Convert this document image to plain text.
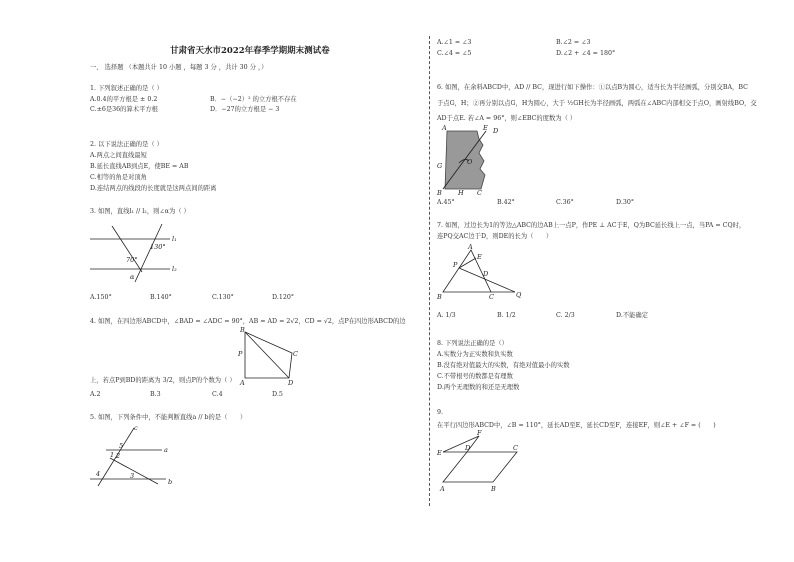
甘肃省天水市2022年春季学期期末测试卷
一、 选择题 （本题共计 10 小题 ，每题 3 分 ，共计 30 分 ，）
1. 下列叙述正确的是（ ）
A.0.4的平方根是 ± 0.2	B．−（−2）² 的立方根不存在
C.±6是36的算术平方根	D．−27的立方根是 − 3
2. 以下说法正确的是（ ）
A.两点之间直线最短
B.延长直线AB到点E，使BE = AB
C.相等的角是对顶角
D.连结两点的线段的长度就是这两点间的距离
3. 如图，直线l₁ // l₂，则∠α为（ ）
l₁
l₂
130°
70°
α
A.150°	B.140°	C.130°	D.120°
4. 如图，在四边形ABCD中，∠BAD = ∠ADC = 90°，AB = AD = 2√2，CD = √2，点P在四边形ABCD的边
B
P	C
A	D
上，若点P到BD的距离为 3/2，则点P的个数为（ ）
A.2	B.3	C.4	D.5
5. 如图，下列条件中，不能判断直线a // b的是（　　）
c
a
b
5
1 2
4	3
A.∠1 = ∠3	B.∠2 = ∠3
C.∠4 = ∠5	D.∠2 + ∠4 = 180°
6. 如图，在余料ABCD中，AD // BC，现进行如下操作：①以点B为圆心，适当长为半径画弧，分别交BA，BC
于点G，H；②再分别以点G，H为圆心，大于 ½GH长为半径画弧，两弧在∠ABC内部相交于点O，画射线BO，交
AD于点E. 若∠A = 96°，则∠EBC的度数为（ ）
A	E D
G	O
B H C
A.45°	B.42°	C.36°	D.30°
7. 如图，过边长为1的等边△ABC的边AB上一点P，作PE ⊥ AC于E，Q为BC延长线上一点，当PA = CQ时，
连PQ交AC边于D，则DE的长为（　　）
A
E
P
D
B	C	Q
A. 1/3	B. 1/2	C. 2/3	D.不能确定
8. 下列说法正确的是（）
A.实数分为正实数和负实数
B.没有绝对值最大的实数，有绝对值最小的实数
C.不带根号的数都是有理数
D.两个无理数的和还是无理数
9.
在平行四边形ABCD中，∠B = 110°，延长AD至E，延长CD至F，连接EF，则∠E + ∠F = (　　)
F
E
D	C
A	B
